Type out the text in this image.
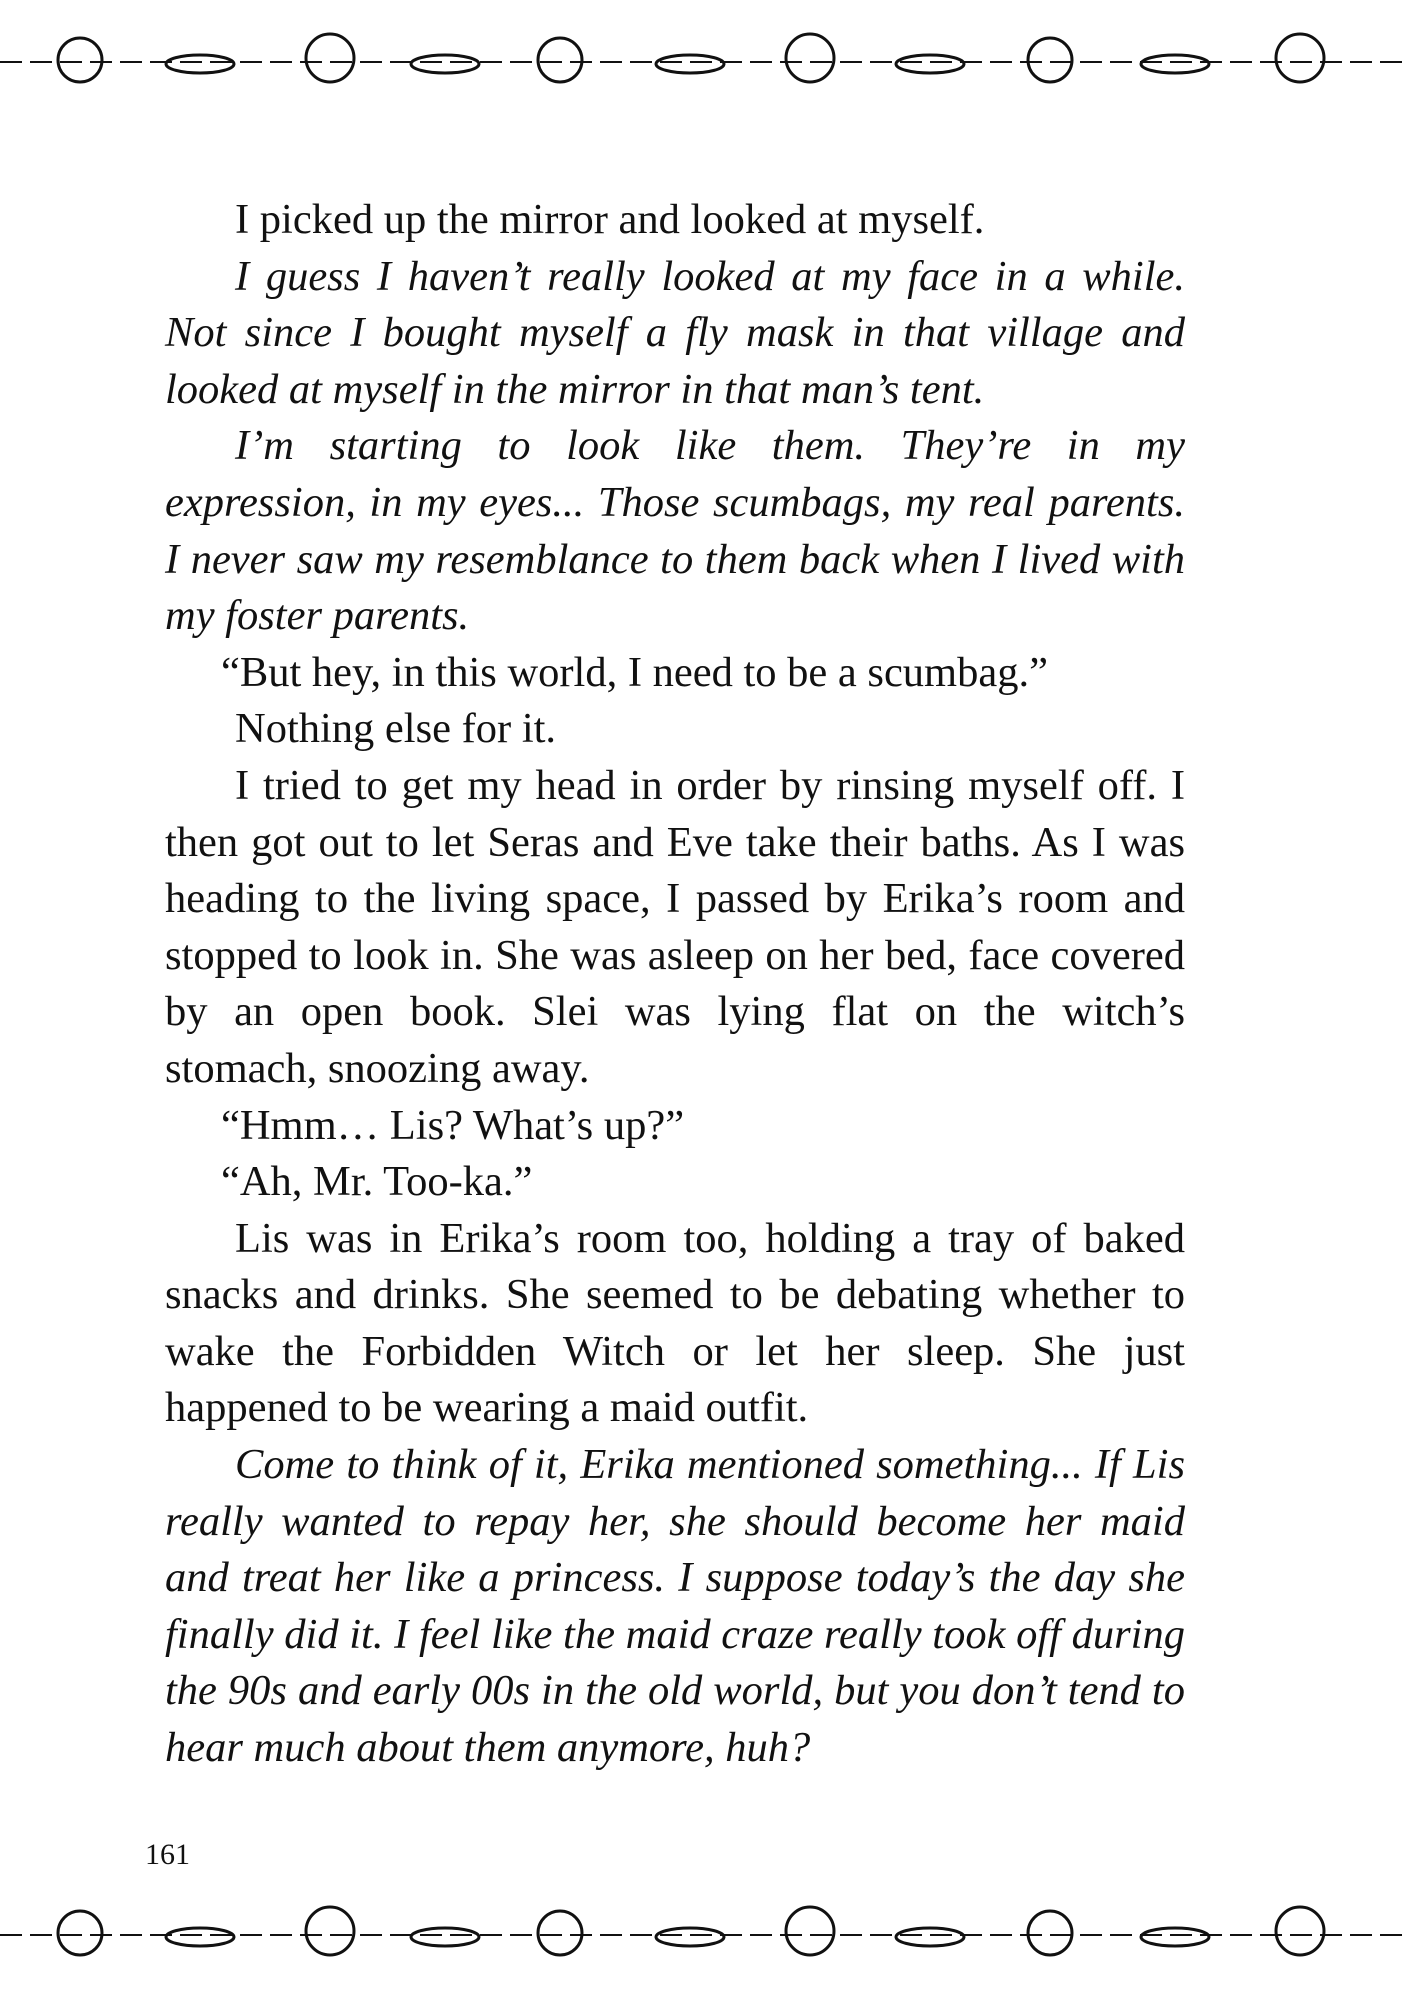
I picked up the mirror and looked at myself.

I guess I haven’t really looked at my face in a while. Not since I bought myself a fly mask in that village and looked at myself in the mirror in that man’s tent.

I’m starting to look like them. They’re in my expression, in my eyes... Those scumbags, my real parents. I never saw my resemblance to them back when I lived with my foster parents.

“But hey, in this world, I need to be a scumbag.”

Nothing else for it.

I tried to get my head in order by rinsing myself off. I then got out to let Seras and Eve take their baths. As I was heading to the living space, I passed by Erika’s room and stopped to look in. She was asleep on her bed, face covered by an open book. Slei was lying flat on the witch’s stomach, snoozing away.

“Hmm… Lis? What’s up?”

“Ah, Mr. Too-ka.”

Lis was in Erika’s room too, holding a tray of baked snacks and drinks. She seemed to be debating whether to wake the Forbidden Witch or let her sleep. She just happened to be wearing a maid outfit.

Come to think of it, Erika mentioned something... If Lis really wanted to repay her, she should become her maid and treat her like a princess. I suppose today’s the day she finally did it. I feel like the maid craze really took off during the 90s and early 00s in the old world, but you don’t tend to hear much about them anymore, huh?

161
